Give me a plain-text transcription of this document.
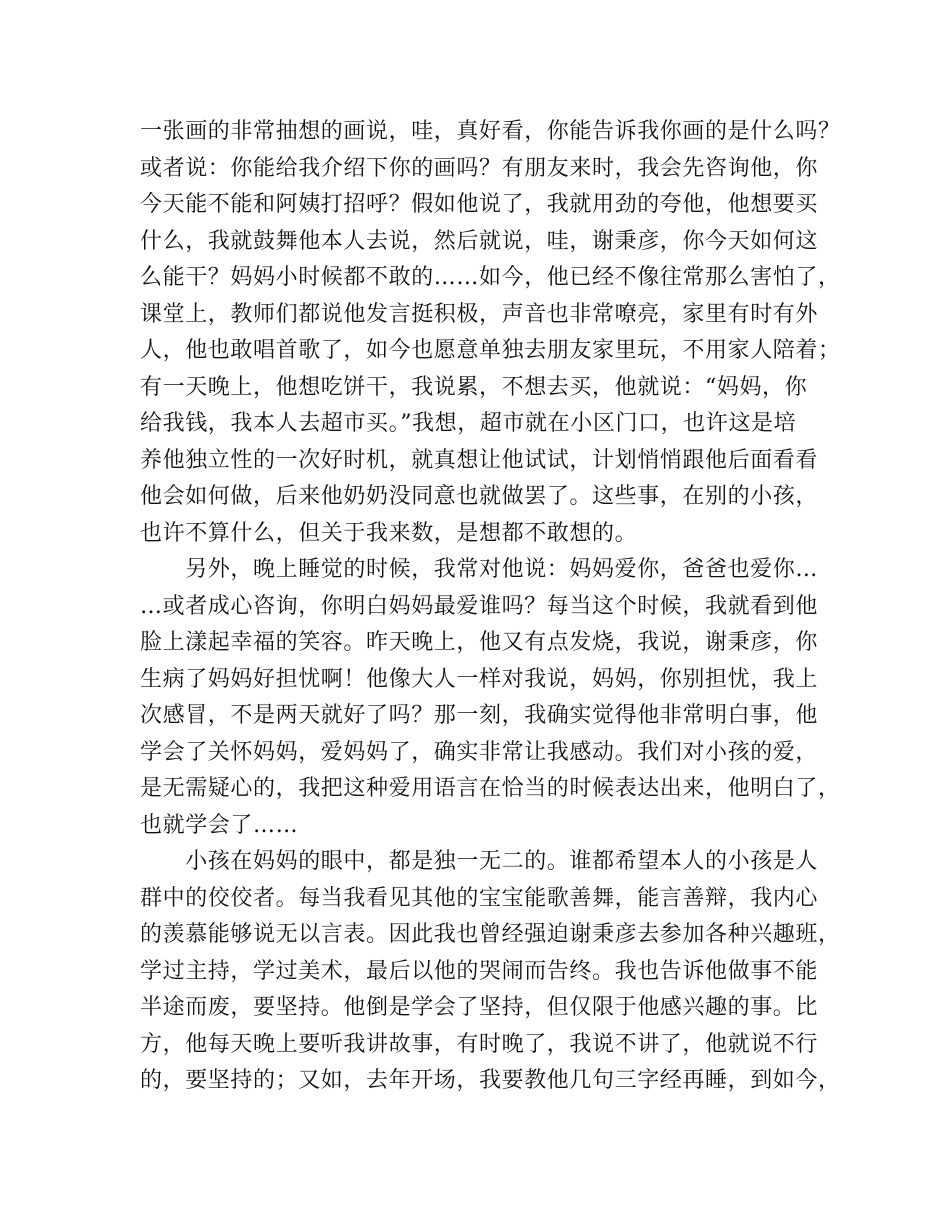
一张画的非常抽想的画说，哇，真好看，你能告诉我你画的是什么吗？
或者说：你能给我介绍下你的画吗？有朋友来时，我会先咨询他，你
今天能不能和阿姨打招呼？假如他说了，我就用劲的夸他，他想要买
什么，我就鼓舞他本人去说，然后就说，哇，谢秉彦，你今天如何这
么能干？妈妈小时候都不敢的……如今，他已经不像往常那么害怕了，
课堂上，教师们都说他发言挺积极，声音也非常嘹亮，家里有时有外
人，他也敢唱首歌了，如今也愿意单独去朋友家里玩，不用家人陪着；
有一天晚上，他想吃饼干，我说累，不想去买，他就说：“妈妈，你
给我钱，我本人去超市买。”我想，超市就在小区门口，也许这是培
养他独立性的一次好时机，就真想让他试试，计划悄悄跟他后面看看
他会如何做，后来他奶奶没同意也就做罢了。这些事，在别的小孩，
也许不算什么，但关于我来数，是想都不敢想的。
　　另外，晚上睡觉的时候，我常对他说：妈妈爱你，爸爸也爱你…
…或者成心咨询，你明白妈妈最爱谁吗？每当这个时候，我就看到他
脸上漾起幸福的笑容。昨天晚上，他又有点发烧，我说，谢秉彦，你
生病了妈妈好担忧啊！他像大人一样对我说，妈妈，你别担忧，我上
次感冒，不是两天就好了吗？那一刻，我确实觉得他非常明白事，他
学会了关怀妈妈，爱妈妈了，确实非常让我感动。我们对小孩的爱，
是无需疑心的，我把这种爱用语言在恰当的时候表达出来，他明白了，
也就学会了……
　　小孩在妈妈的眼中，都是独一无二的。谁都希望本人的小孩是人
群中的佼佼者。每当我看见其他的宝宝能歌善舞，能言善辩，我内心
的羡慕能够说无以言表。因此我也曾经强迫谢秉彦去参加各种兴趣班，
学过主持，学过美术，最后以他的哭闹而告终。我也告诉他做事不能
半途而废，要坚持。他倒是学会了坚持，但仅限于他感兴趣的事。比
方，他每天晚上要听我讲故事，有时晚了，我说不讲了，他就说不行
的，要坚持的；又如，去年开场，我要教他几句三字经再睡，到如今，
